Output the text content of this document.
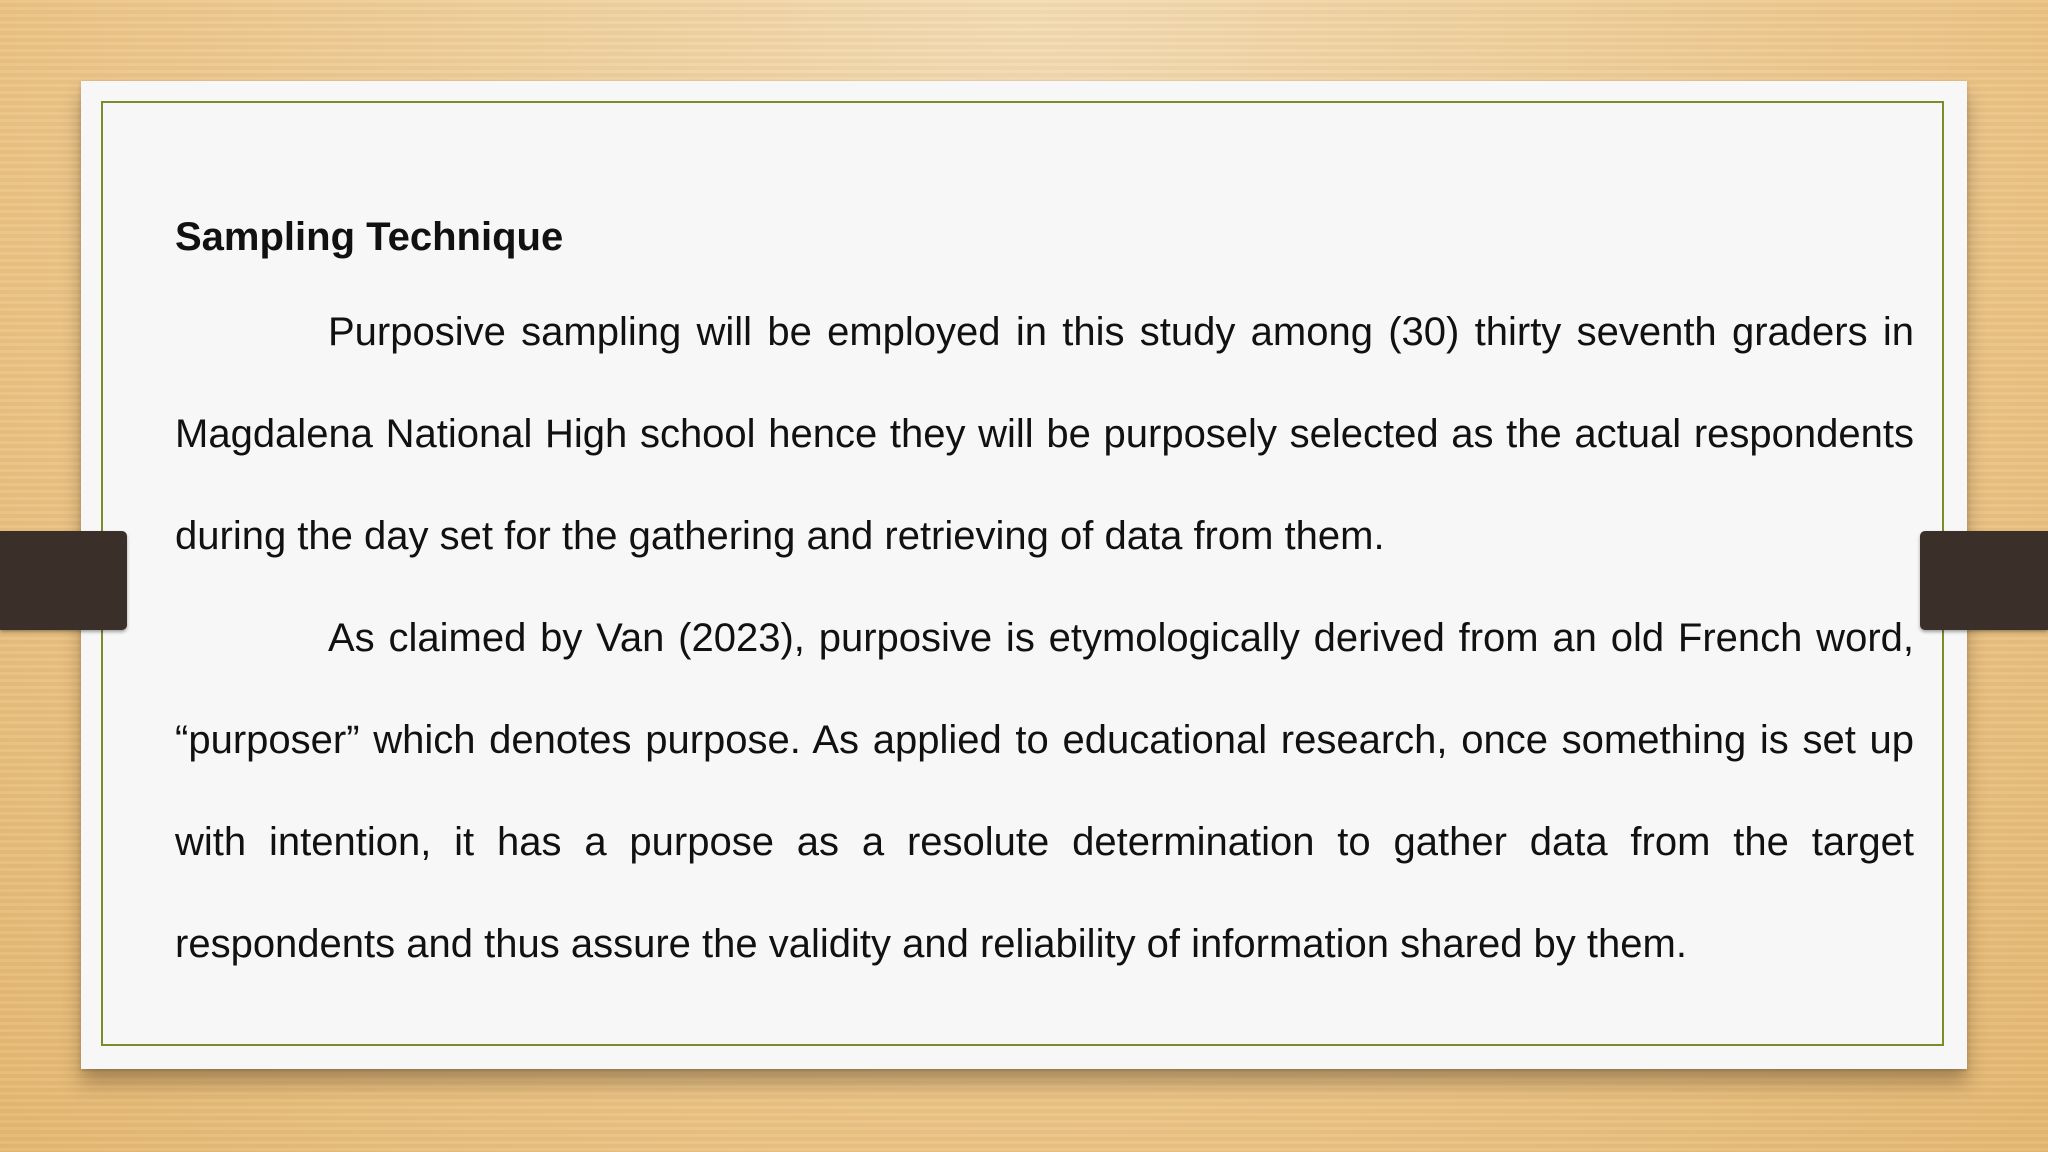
Sampling Technique

Purposive sampling will be employed in this study among (30) thirty seventh graders in Magdalena National High school hence they will be purposely selected as the actual respondents during the day set for the gathering and retrieving of data from them.

As claimed by Van (2023), purposive is etymologically derived from an old French word, “purposer” which denotes purpose. As applied to educational research, once something is set up with intention, it has a purpose as a resolute determination to gather data from the target respondents and thus assure the validity and reliability of information shared by them.
